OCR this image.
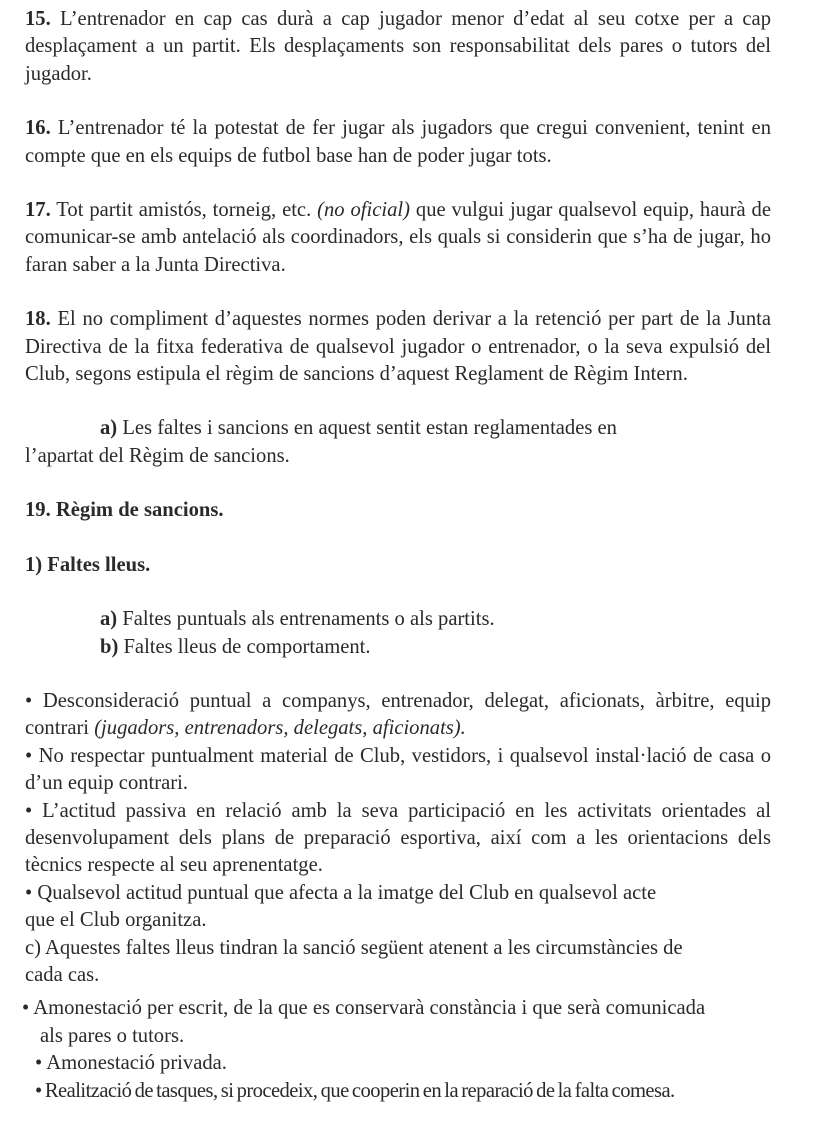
15. L’entrenador en cap cas durà a cap jugador menor d’edat al seu cotxe per a cap desplaçament a un partit. Els desplaçaments son responsabilitat dels pares o tutors del jugador.

16. L’entrenador té la potestat de fer jugar als jugadors que cregui convenient, tenint en compte que en els equips de futbol base han de poder jugar tots.

17. Tot partit amistós, torneig, etc. (no oficial) que vulgui jugar qualsevol equip, haurà de comunicar-se amb antelació als coordinadors, els quals si considerin que s’ha de jugar, ho faran saber a la Junta Directiva.

18. El no compliment d’aquestes normes poden derivar a la retenció per part de la Junta Directiva de la fitxa federativa de qualsevol jugador o entrenador, o la seva expulsió del Club, segons estipula el règim de sancions d’aquest Reglament de Règim Intern.

a) Les faltes i sancions en aquest sentit estan reglamentades en
l’apartat del Règim de sancions.

19. Règim de sancions.

1) Faltes lleus.

a) Faltes puntuals als entrenaments o als partits.

b) Faltes lleus de comportament.

• Desconsideració puntual a companys, entrenador, delegat, aficionats, àrbitre, equip contrari (jugadors, entrenadors, delegats, aficionats).

• No respectar puntualment material de Club, vestidors, i qualsevol instal·lació de casa o d’un equip contrari.

• L’actitud passiva en relació amb la seva participació en les activitats orientades al desenvolupament dels plans de preparació esportiva, així com a les orientacions dels tècnics respecte al seu aprenentatge.

• Qualsevol actitud puntual que afecta a la imatge del Club en qualsevol acte
que el Club organitza.

c) Aquestes faltes lleus tindran la sanció següent atenent a les circumstàncies de
cada cas.

• Amonestació per escrit, de la que es conservarà constància i que serà comunicada
als pares o tutors.

• Amonestació privada.

• Realització de tasques, si procedeix, que cooperin en la reparació de la falta comesa.
